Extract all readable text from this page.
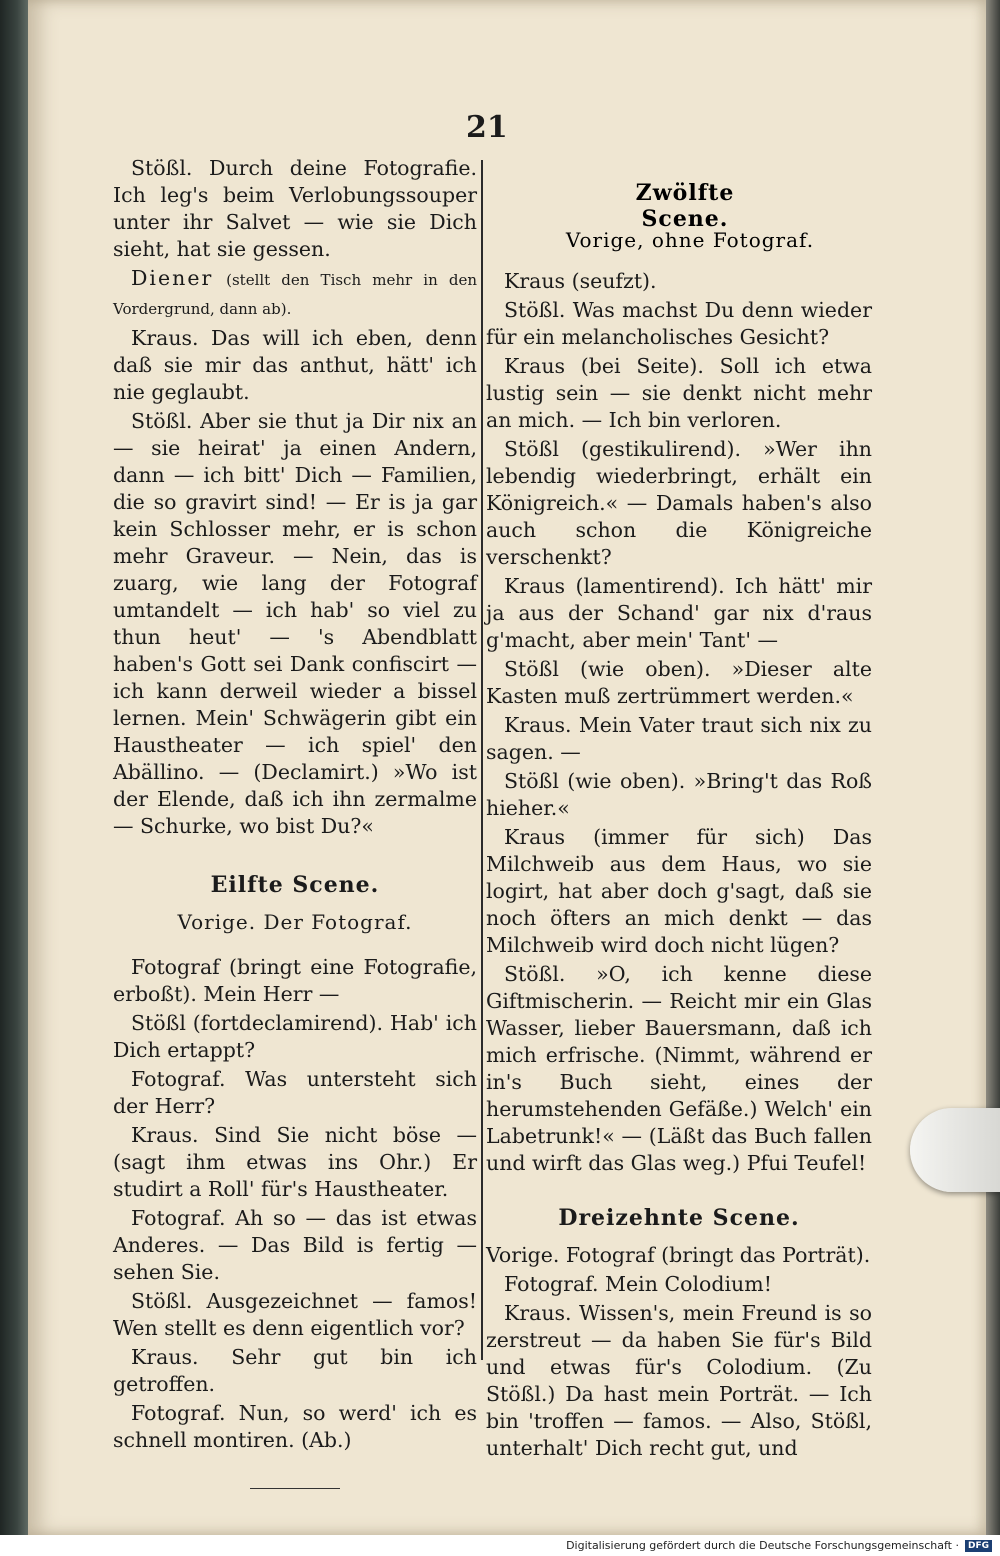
21

Stößl. Durch deine Fotografie. Ich leg's beim Verlobungssouper unter ihr Salvet — wie sie Dich sieht, hat sie gessen.

Diener (stellt den Tisch mehr in den Vordergrund, dann ab).

Kraus. Das will ich eben, denn daß sie mir das anthut, hätt' ich nie geglaubt.

Stößl. Aber sie thut ja Dir nix an — sie heirat' ja einen Andern, dann — ich bitt' Dich — Familien, die so gravirt sind! — Er is ja gar kein Schlosser mehr, er is schon mehr Graveur. — Nein, das is zuarg, wie lang der Fotograf umtandelt — ich hab' so viel zu thun heut' — 's Abendblatt haben's Gott sei Dank confiscirt — ich kann derweil wieder a bissel lernen. Mein' Schwägerin gibt ein Haustheater — ich spiel' den Abällino. — (Declamirt.) »Wo ist der Elende, daß ich ihn zermalme — Schurke, wo bist Du?«

Eilfte Scene.
Vorige. Der Fotograf.

Fotograf (bringt eine Fotografie, erboßt). Mein Herr —

Stößl (fortdeclamirend). Hab' ich Dich ertappt?

Fotograf. Was untersteht sich der Herr?

Kraus. Sind Sie nicht böse — (sagt ihm etwas ins Ohr.) Er studirt a Roll' für's Haustheater.

Fotograf. Ah so — das ist etwas Anderes. — Das Bild is fertig — sehen Sie.

Stößl. Ausgezeichnet — famos! Wen stellt es denn eigentlich vor?

Kraus. Sehr gut bin ich getroffen.

Fotograf. Nun, so werd' ich es schnell montiren. (Ab.)

Zwölfte Scene.
Vorige, ohne Fotograf.

Kraus (seufzt).

Stößl. Was machst Du denn wieder für ein melancholisches Gesicht?

Kraus (bei Seite). Soll ich etwa lustig sein — sie denkt nicht mehr an mich. — Ich bin verloren.

Stößl (gestikulirend). »Wer ihn lebendig wiederbringt, erhält ein Königreich.« — Damals haben's also auch schon die Königreiche verschenkt?

Kraus (lamentirend). Ich hätt' mir ja aus der Schand' gar nix d'raus g'macht, aber mein' Tant' —

Stößl (wie oben). »Dieser alte Kasten muß zertrümmert werden.«

Kraus. Mein Vater traut sich nix zu sagen. —

Stößl (wie oben). »Bring't das Roß hieher.«

Kraus (immer für sich) Das Milchweib aus dem Haus, wo sie logirt, hat aber doch g'sagt, daß sie noch öfters an mich denkt — das Milchweib wird doch nicht lügen?

Stößl. »O, ich kenne diese Giftmischerin. — Reicht mir ein Glas Wasser, lieber Bauersmann, daß ich mich erfrische. (Nimmt, während er in's Buch sieht, eines der herumstehenden Gefäße.) Welch' ein Labetrunk!« — (Läßt das Buch fallen und wirft das Glas weg.) Pfui Teufel!

Dreizehnte Scene.

Vorige. Fotograf (bringt das Porträt).

Fotograf. Mein Colodium!

Kraus. Wissen's, mein Freund is so zerstreut — da haben Sie für's Bild und etwas für's Colodium. (Zu Stößl.) Da hast mein Porträt. — Ich bin 'troffen — famos. — Also, Stößl, unterhalt' Dich recht gut, und

Digitalisierung gefördert durch die Deutsche Forschungsgemeinschaft ·	DFG
